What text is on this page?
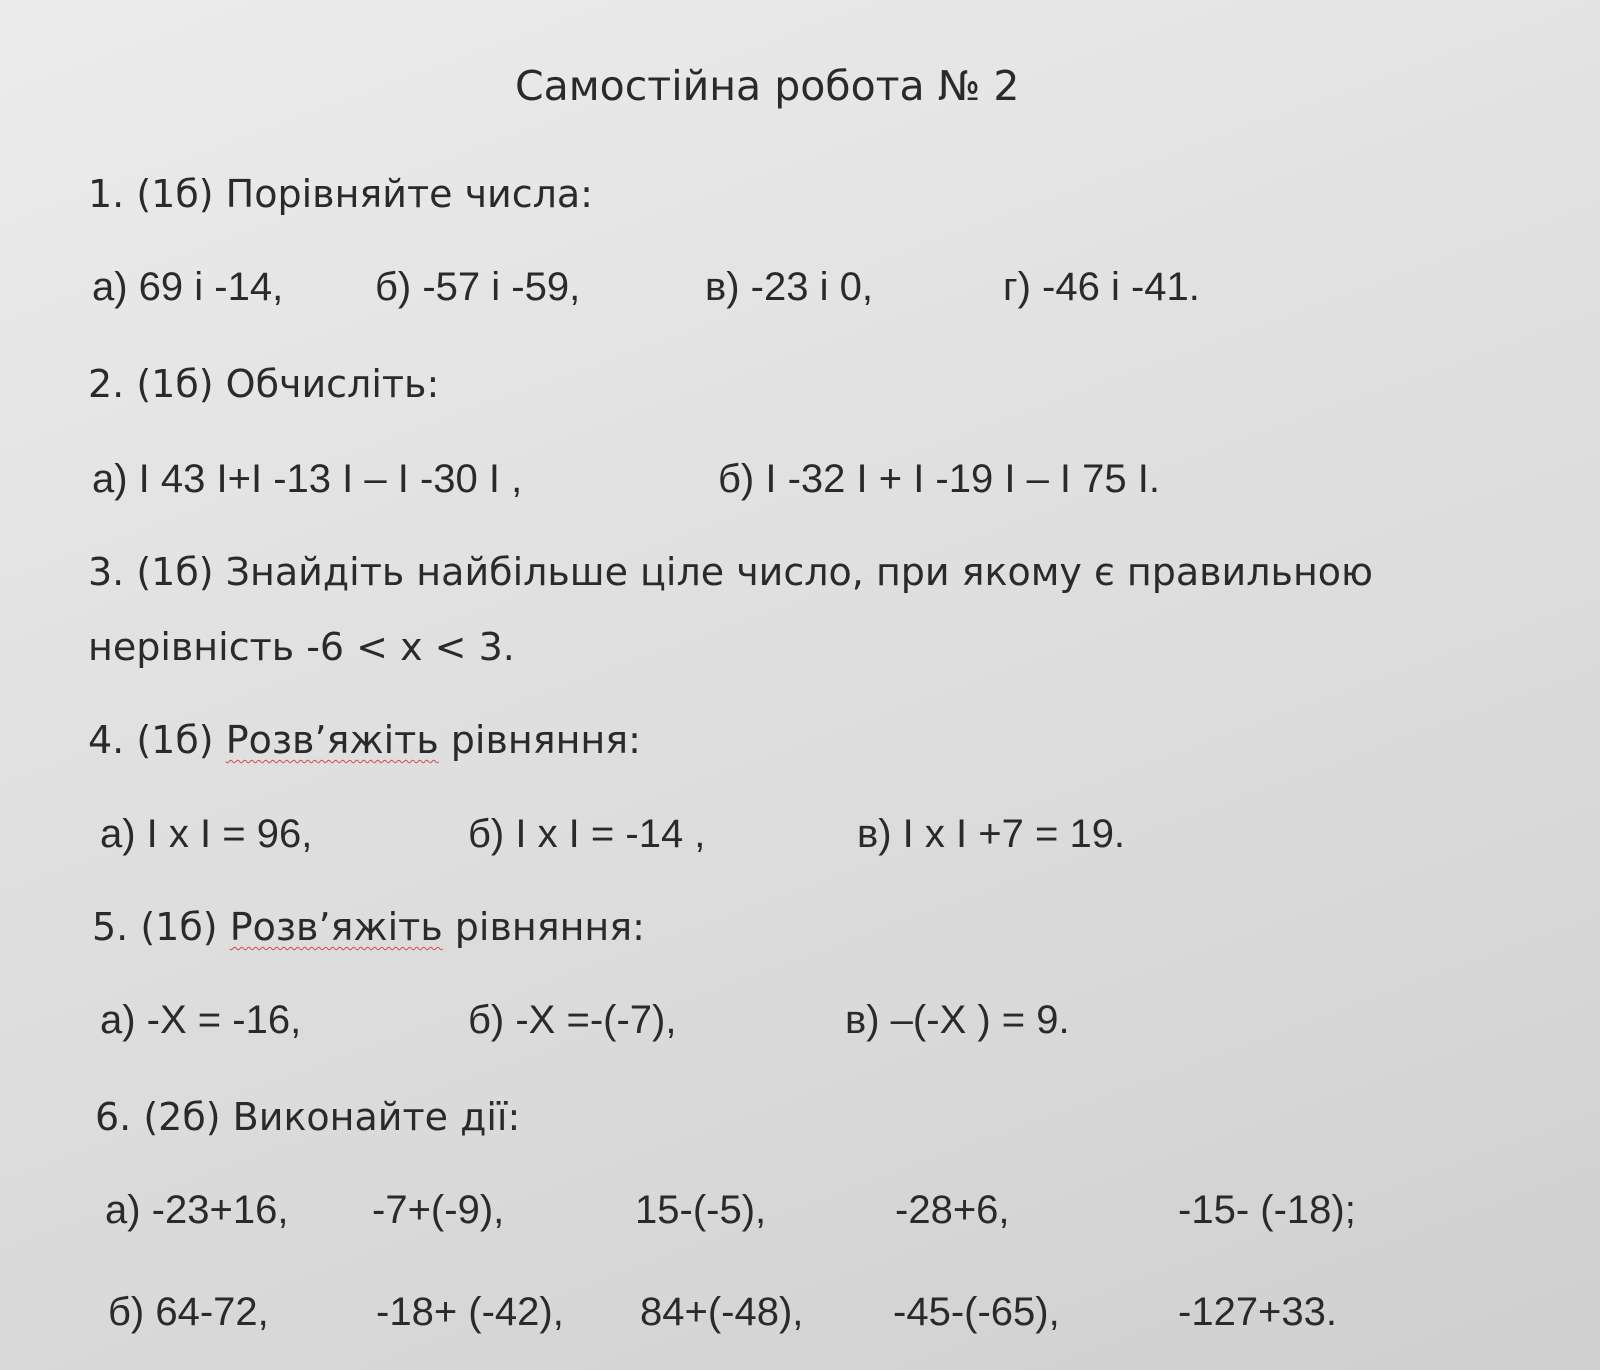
Самостійна робота № 2
1. (1б) Порівняйте числа:
а) 69 і -14, б) -57 і -59,	в) -23 і 0,	г) -46 і -41.
2. (1б) Обчисліть:
а) І 43 І+І -13 І – І -30 І ,	б) І -32 І + І -19 І – І 75 І.
3. (1б) Знайдіть найбільше ціле число, при якому є правильною
нерівність -6 < x < 3.
4. (1б) Розв’яжіть рівняння:
а) І x І = 96,	б) І x І = -14 ,	в) І x І +7 = 19.
5. (1б) Розв’яжіть рівняння:
а) -X = -16,	б) -X =-(-7),	в) –(-X ) = 9.
6. (2б) Виконайте дії:
а) -23+16, -7+(-9),	15-(-5),	-28+6,	-15- (-18);
б) 64-72,	-18+ (-42), 84+(-48), -45-(-65),	-127+33.
